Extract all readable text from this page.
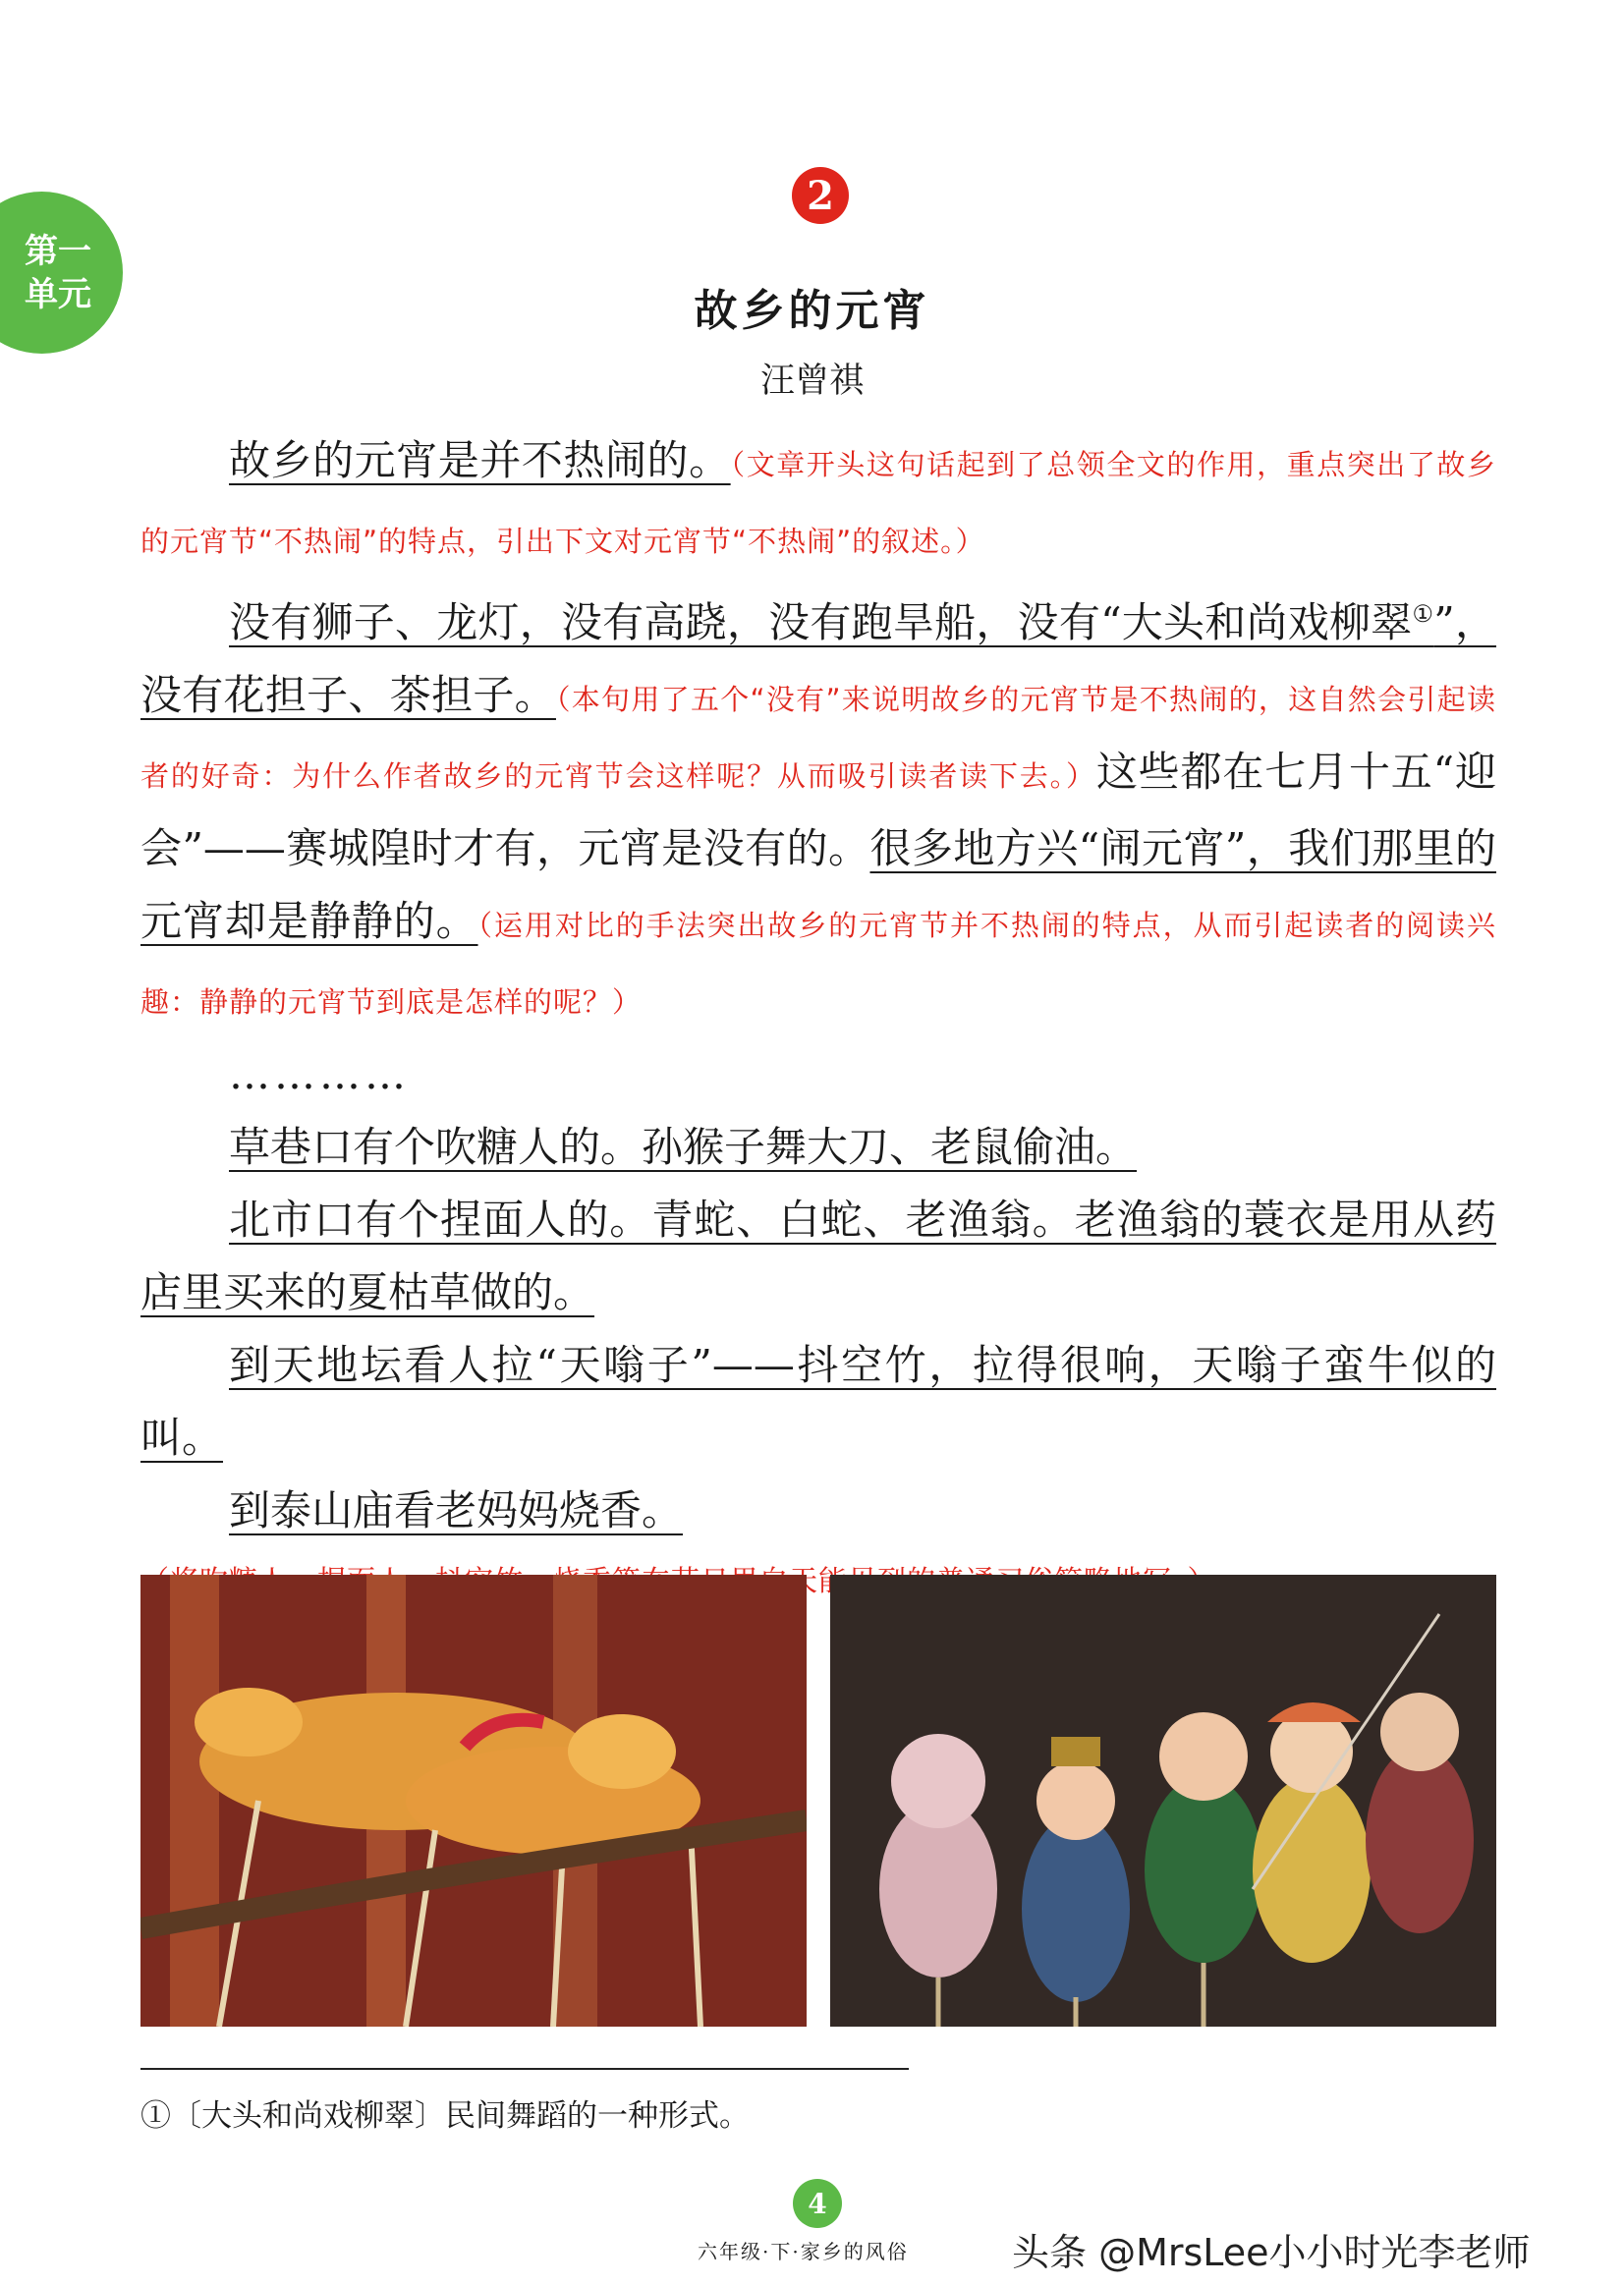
第一
单元
2
故乡的元宵
汪曾祺

故乡的元宵是并不热闹的。（文章开头这句话起到了总领全文的作用，重点突出了故乡的元宵节“不热闹”的特点，引出下文对元宵节“不热闹”的叙述。）

没有狮子、龙灯，没有高跷，没有跑旱船，没有“大头和尚戏柳翠①”，没有花担子、茶担子。（本句用了五个“没有”来说明故乡的元宵节是不热闹的，这自然会引起读者的好奇：为什么作者故乡的元宵节会这样呢？从而吸引读者读下去。）这些都在七月十五“迎会”——赛城隍时才有，元宵是没有的。很多地方兴“闹元宵”，我们那里的元宵却是静静的。（运用对比的手法突出故乡的元宵节并不热闹的特点，从而引起读者的阅读兴趣：静静的元宵节到底是怎样的呢？）

…………

草巷口有个吹糖人的。孙猴子舞大刀、老鼠偷油。

北市口有个捏面人的。青蛇、白蛇、老渔翁。老渔翁的蓑衣是用从药店里买来的夏枯草做的。

到天地坛看人拉“天嗡子”——抖空竹，拉得很响，天嗡子蛮牛似的叫。

到泰山庙看老妈妈烧香。

①〔大头和尚戏柳翠〕民间舞蹈的一种形式。
4
六年级·下·家乡的风俗	头条 @MrsLee小小时光李老师
